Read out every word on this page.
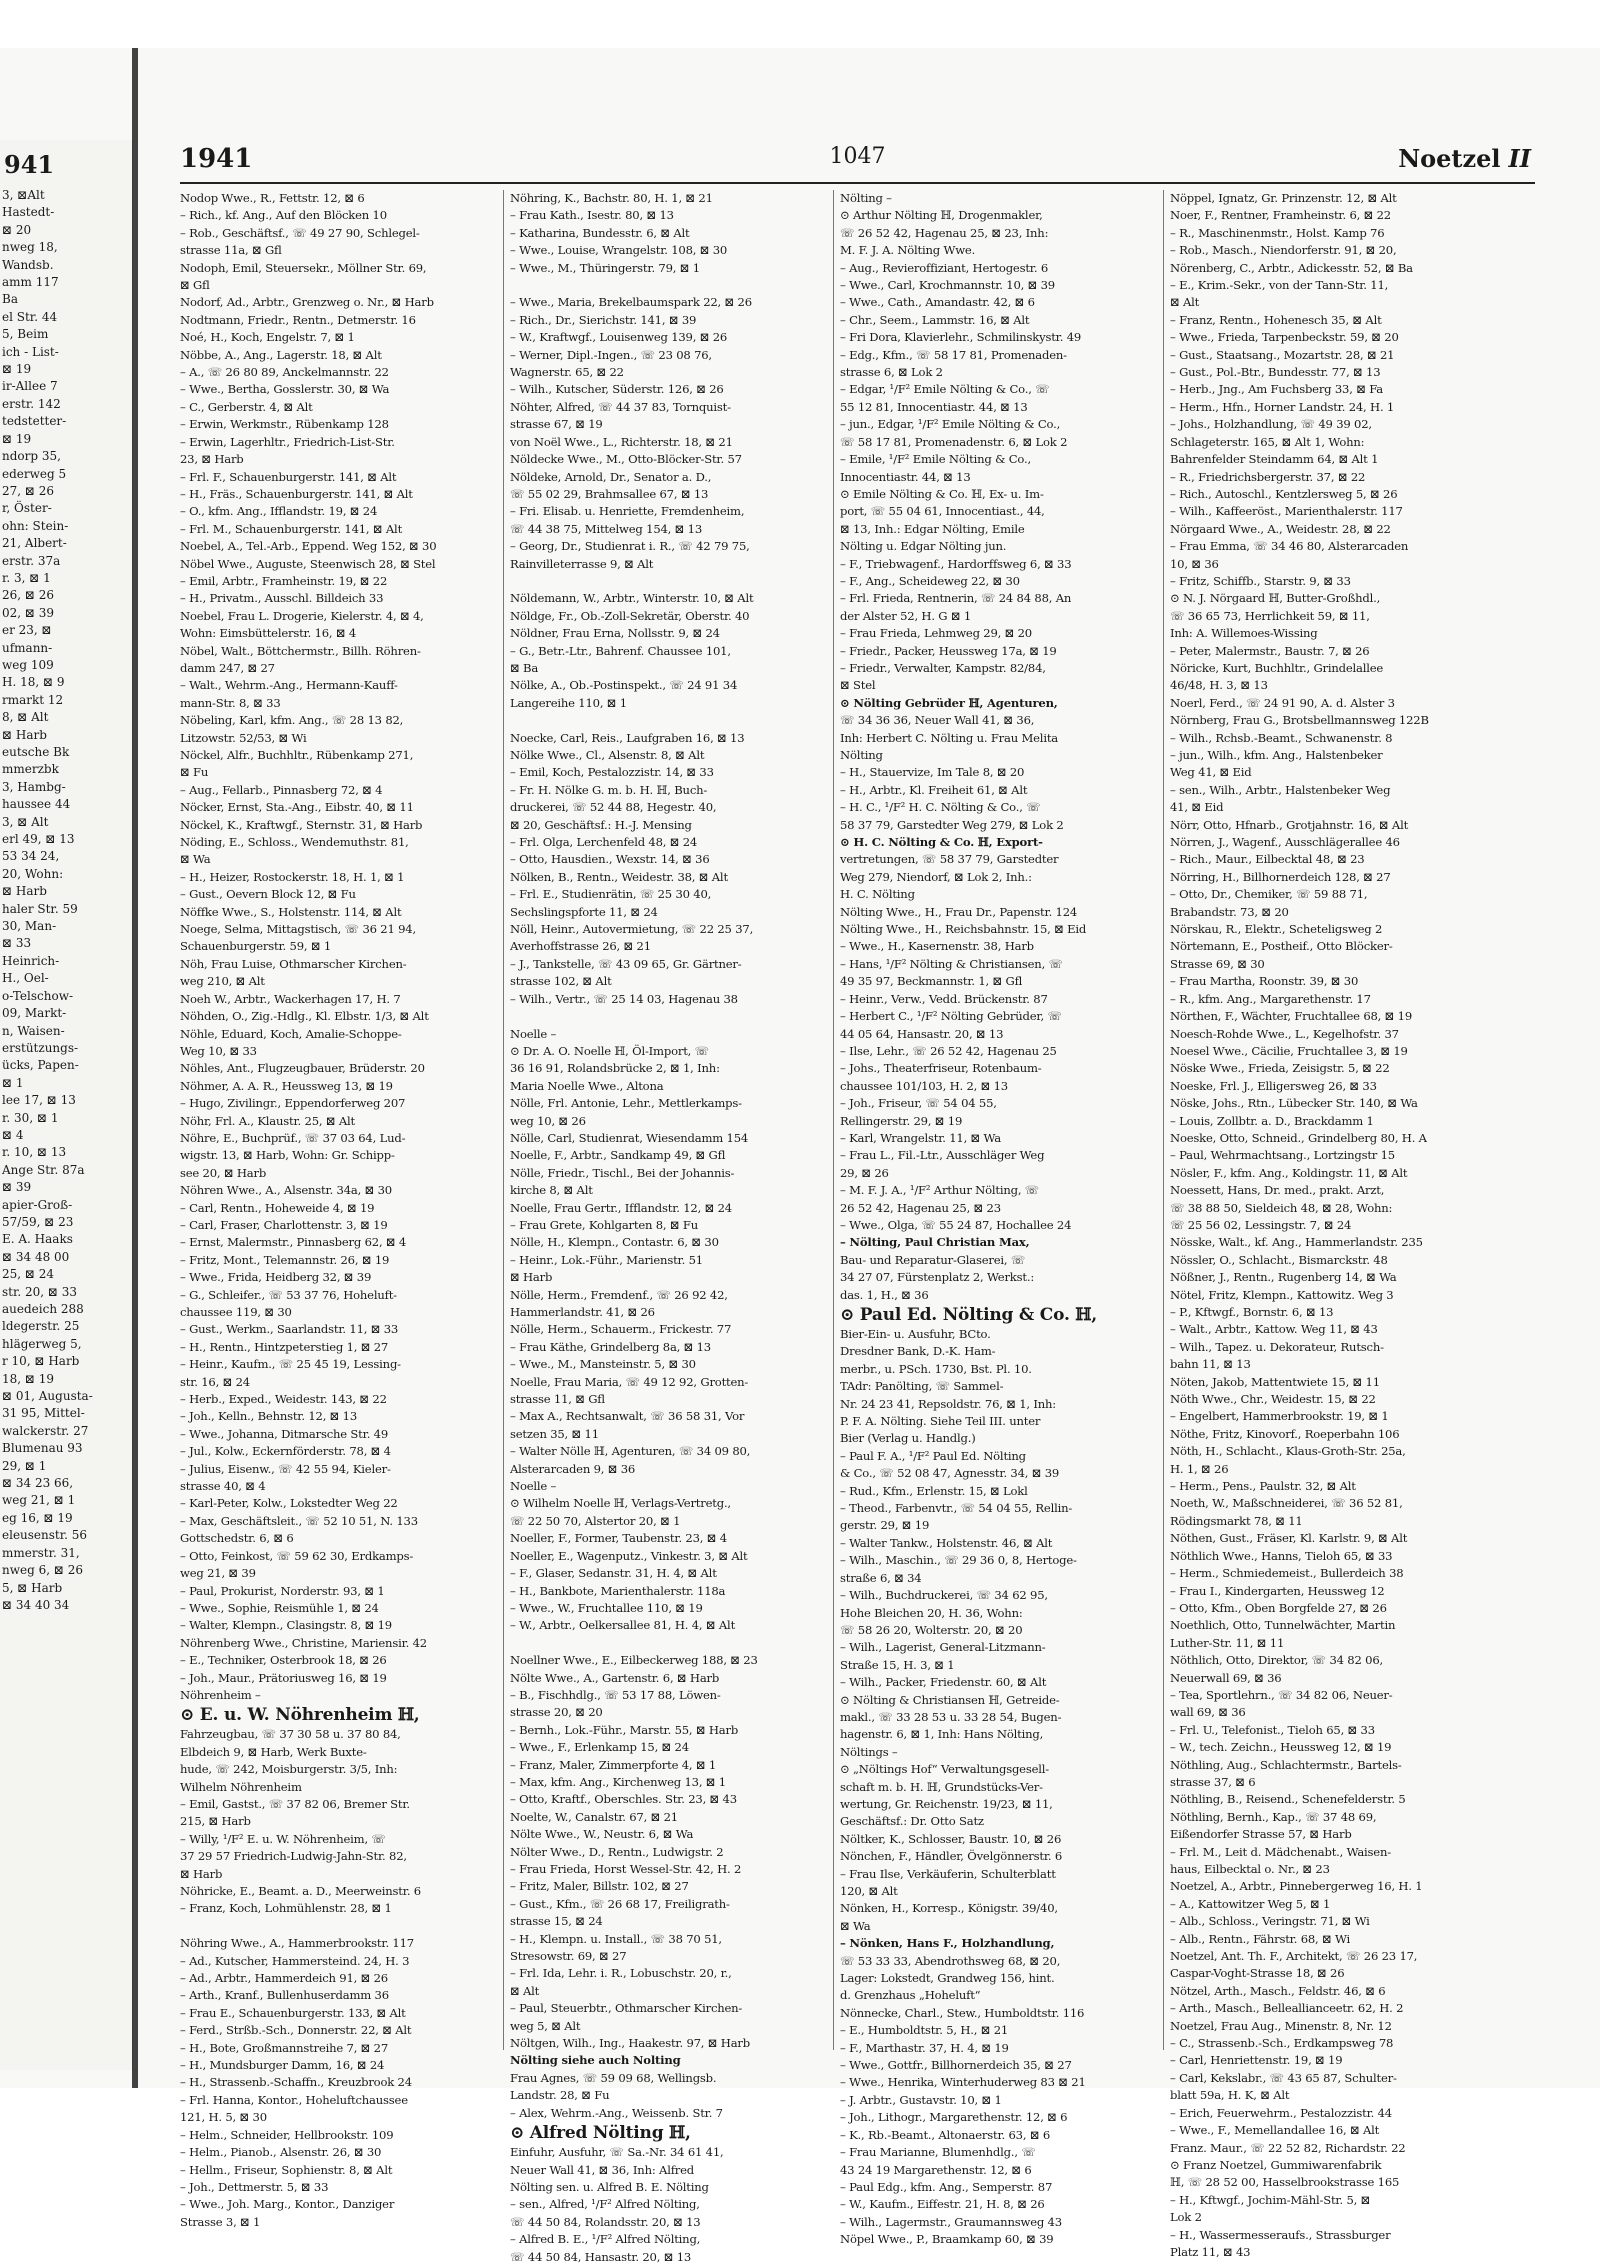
941
3, ⊠Alt
Hastedt-
⊠ 20
nweg 18,
Wandsb.
amm 117
Ba
el Str. 44
5, Beim
ich - List-
⊠ 19
ir-Allee 7
erstr. 142
tedstetter-
⊠ 19
ndorp 35,
ederweg 5
27, ⊠ 26
r, Öster-
ohn: Stein-
21, Albert-
erstr. 37a
r. 3, ⊠ 1
26, ⊠ 26
02, ⊠ 39
er 23, ⊠
ufmann-
weg 109
H. 18, ⊠ 9
rmarkt 12
8, ⊠ Alt
⊠ Harb
eutsche Bk
mmerzbk
3, Hambg-
haussee 44
3, ⊠ Alt
erl 49, ⊠ 13
53 34 24,
20, Wohn:
⊠ Harb
haler Str. 59
30, Man-
⊠ 33
Heinrich-
H., Oel-
o-Telschow-
09, Markt-
n, Waisen-
erstützungs-
ücks, Papen-
⊠ 1
lee 17, ⊠ 13
r. 30, ⊠ 1
⊠ 4
r. 10, ⊠ 13
Ange Str. 87a
⊠ 39
apier-Groß-
57/59, ⊠ 23
E. A. Haaks
⊠ 34 48 00
25, ⊠ 24
str. 20, ⊠ 33
auedeich 288
ldegerstr. 25
hlägerweg 5,
r 10, ⊠ Harb
18, ⊠ 19
⊠ 01, Augusta-
31 95, Mittel-
walckerstr. 27
Blumenau 93
29, ⊠ 1
⊠ 34 23 66,
weg 21, ⊠ 1
eg 16, ⊠ 19
eleusenstr. 56
mmerstr. 31,
nweg 6, ⊠ 26
5, ⊠ Harb
⊠ 34 40 34
1941	1047	Noetzel II
Nodop Wwe., R., Fettstr. 12, ⊠ 6
– Rich., kf. Ang., Auf den Blöcken 10
– Rob., Geschäftsf., ☏ 49 27 90, Schlegel-
strasse 11a, ⊠ Gfl
Nodoph, Emil, Steuersekr., Möllner Str. 69,
⊠ Gfl
Nodorf, Ad., Arbtr., Grenzweg o. Nr., ⊠ Harb
Nodtmann, Friedr., Rentn., Detmerstr. 16
Noé, H., Koch, Engelstr. 7, ⊠ 1
Nöbbe, A., Ang., Lagerstr. 18, ⊠ Alt
– A., ☏ 26 80 89, Anckelmannstr. 22
– Wwe., Bertha, Gosslerstr. 30, ⊠ Wa
– C., Gerberstr. 4, ⊠ Alt
– Erwin, Werkmstr., Rübenkamp 128
– Erwin, Lagerhltr., Friedrich-List-Str.
23, ⊠ Harb
– Frl. F., Schauenburgerstr. 141, ⊠ Alt
– H., Fräs., Schauenburgerstr. 141, ⊠ Alt
– O., kfm. Ang., Ifflandstr. 19, ⊠ 24
– Frl. M., Schauenburgerstr. 141, ⊠ Alt
Noebel, A., Tel.-Arb., Eppend. Weg 152, ⊠ 30
Nöbel Wwe., Auguste, Steenwisch 28, ⊠ Stel
– Emil, Arbtr., Framheinstr. 19, ⊠ 22
– H., Privatm., Ausschl. Billdeich 33
Noebel, Frau L. Drogerie, Kielerstr. 4, ⊠ 4,
Wohn: Eimsbüttelerstr. 16, ⊠ 4
Nöbel, Walt., Böttchermstr., Billh. Röhren-
damm 247, ⊠ 27
– Walt., Wehrm.-Ang., Hermann-Kauff-
mann-Str. 8, ⊠ 33
Nöbeling, Karl, kfm. Ang., ☏ 28 13 82,
Litzowstr. 52/53, ⊠ Wi
Nöckel, Alfr., Buchhltr., Rübenkamp 271,
⊠ Fu
– Aug., Fellarb., Pinnasberg 72, ⊠ 4
Nöcker, Ernst, Sta.-Ang., Eibstr. 40, ⊠ 11
Nöckel, K., Kraftwgf., Sternstr. 31, ⊠ Harb
Nöding, E., Schloss., Wendemuthstr. 81,
⊠ Wa
– H., Heizer, Rostockerstr. 18, H. 1, ⊠ 1
– Gust., Oevern Block 12, ⊠ Fu
Nöffke Wwe., S., Holstenstr. 114, ⊠ Alt
Noege, Selma, Mittagstisch, ☏ 36 21 94,
Schauenburgerstr. 59, ⊠ 1
Nöh, Frau Luise, Othmarscher Kirchen-
weg 210, ⊠ Alt
Noeh W., Arbtr., Wackerhagen 17, H. 7
Nöhden, O., Zig.-Hdlg., Kl. Elbstr. 1/3, ⊠ Alt
Nöhle, Eduard, Koch, Amalie-Schoppe-
Weg 10, ⊠ 33
Nöhles, Ant., Flugzeugbauer, Brüderstr. 20
Nöhmer, A. A. R., Heussweg 13, ⊠ 19
– Hugo, Zivilingr., Eppendorferweg 207
Nöhr, Frl. A., Klaustr. 25, ⊠ Alt
Nöhre, E., Buchprüf., ☏ 37 03 64, Lud-
wigstr. 13, ⊠ Harb, Wohn: Gr. Schipp-
see 20, ⊠ Harb
Nöhren Wwe., A., Alsenstr. 34a, ⊠ 30
– Carl, Rentn., Hoheweide 4, ⊠ 19
– Carl, Fraser, Charlottenstr. 3, ⊠ 19
– Ernst, Malermstr., Pinnasberg 62, ⊠ 4
– Fritz, Mont., Telemannstr. 26, ⊠ 19
– Wwe., Frida, Heidberg 32, ⊠ 39
– G., Schleifer., ☏ 53 37 76, Hoheluft-
chaussee 119, ⊠ 30
– Gust., Werkm., Saarlandstr. 11, ⊠ 33
– H., Rentn., Hintzpeterstieg 1, ⊠ 27
– Heinr., Kaufm., ☏ 25 45 19, Lessing-
str. 16, ⊠ 24
– Herb., Exped., Weidestr. 143, ⊠ 22
– Joh., Kelln., Behnstr. 12, ⊠ 13
– Wwe., Johanna, Ditmarsche Str. 49
– Jul., Kolw., Eckernförderstr. 78, ⊠ 4
– Julius, Eisenw., ☏ 42 55 94, Kieler-
strasse 40, ⊠ 4
– Karl-Peter, Kolw., Lokstedter Weg 22
– Max, Geschäftsleit., ☏ 52 10 51, N. 133
Gottschedstr. 6, ⊠ 6
– Otto, Feinkost, ☏ 59 62 30, Erdkamps-
weg 21, ⊠ 39
– Paul, Prokurist, Norderstr. 93, ⊠ 1
– Wwe., Sophie, Reismühle 1, ⊠ 24
– Walter, Klempn., Clasingstr. 8, ⊠ 19
Nöhrenberg Wwe., Christine, Mariensir. 42
– E., Techniker, Osterbrook 18, ⊠ 26
– Joh., Maur., Prätoriusweg 16, ⊠ 19
Nöhrenheim –
⊙ E. u. W. Nöhrenheim ℍ,
Fahrzeugbau, ☏ 37 30 58 u. 37 80 84,
Elbdeich 9, ⊠ Harb, Werk Buxte-
hude, ☏ 242, Moisburgerstr. 3/5, Inh:
Wilhelm Nöhrenheim
– Emil, Gastst., ☏ 37 82 06, Bremer Str.
215, ⊠ Harb
– Willy, ¹/F² E. u. W. Nöhrenheim, ☏
37 29 57 Friedrich-Ludwig-Jahn-Str. 82,
⊠ Harb
Nöhricke, E., Beamt. a. D., Meerweinstr. 6
– Franz, Koch, Lohmühlenstr. 28, ⊠ 1

Nöhring Wwe., A., Hammerbrookstr. 117
– Ad., Kutscher, Hammersteind. 24, H. 3
– Ad., Arbtr., Hammerdeich 91, ⊠ 26
– Arth., Kranf., Bullenhuserdamm 36
– Frau E., Schauenburgerstr. 133, ⊠ Alt
– Ferd., Strßb.-Sch., Donnerstr. 22, ⊠ Alt
– H., Bote, Großmannstreihe 7, ⊠ 27
– H., Mundsburger Damm, 16, ⊠ 24
– H., Strassenb.-Schaffn., Kreuzbrook 24
– Frl. Hanna, Kontor., Hoheluftchaussee
121, H. 5, ⊠ 30
– Helm., Schneider, Hellbrookstr. 109
– Helm., Pianob., Alsenstr. 26, ⊠ 30
– Hellm., Friseur, Sophienstr. 8, ⊠ Alt
– Joh., Dettmerstr. 5, ⊠ 33
– Wwe., Joh. Marg., Kontor., Danziger
Strasse 3, ⊠ 1
Nöhring, K., Bachstr. 80, H. 1, ⊠ 21
– Frau Kath., Isestr. 80, ⊠ 13
– Katharina, Bundesstr. 6, ⊠ Alt
– Wwe., Louise, Wrangelstr. 108, ⊠ 30
– Wwe., M., Thüringerstr. 79, ⊠ 1

– Wwe., Maria, Brekelbaumspark 22, ⊠ 26
– Rich., Dr., Sierichstr. 141, ⊠ 39
– W., Kraftwgf., Louisenweg 139, ⊠ 26
– Werner, Dipl.-Ingen., ☏ 23 08 76,
Wagnerstr. 65, ⊠ 22
– Wilh., Kutscher, Süderstr. 126, ⊠ 26
Nöhter, Alfred, ☏ 44 37 83, Tornquist-
strasse 67, ⊠ 19
von Noël Wwe., L., Richterstr. 18, ⊠ 21
Nöldecke Wwe., M., Otto-Blöcker-Str. 57
Nöldeke, Arnold, Dr., Senator a. D.,
☏ 55 02 29, Brahmsallee 67, ⊠ 13
– Fri. Elisab. u. Henriette, Fremdenheim,
☏ 44 38 75, Mittelweg 154, ⊠ 13
– Georg, Dr., Studienrat i. R., ☏ 42 79 75,
Rainvilleterrasse 9, ⊠ Alt

Nöldemann, W., Arbtr., Winterstr. 10, ⊠ Alt
Nöldge, Fr., Ob.-Zoll-Sekretär, Oberstr. 40
Nöldner, Frau Erna, Nollsstr. 9, ⊠ 24
– G., Betr.-Ltr., Bahrenf. Chaussee 101,
⊠ Ba
Nölke, A., Ob.-Postinspekt., ☏ 24 91 34
Langereihe 110, ⊠ 1

Noecke, Carl, Reis., Laufgraben 16, ⊠ 13
Nölke Wwe., Cl., Alsenstr. 8, ⊠ Alt
– Emil, Koch, Pestalozzistr. 14, ⊠ 33
– Fr. H. Nölke G. m. b. H. ℍ, Buch-
druckerei, ☏ 52 44 88, Hegestr. 40,
⊠ 20, Geschäftsf.: H.-J. Mensing
– Frl. Olga, Lerchenfeld 48, ⊠ 24
– Otto, Hausdien., Wexstr. 14, ⊠ 36
Nölken, B., Rentn., Weidestr. 38, ⊠ Alt
– Frl. E., Studienrätin, ☏ 25 30 40,
Sechslingspforte 11, ⊠ 24
Nöll, Heinr., Autovermietung, ☏ 22 25 37,
Averhoffstrasse 26, ⊠ 21
– J., Tankstelle, ☏ 43 09 65, Gr. Gärtner-
strasse 102, ⊠ Alt
– Wilh., Vertr., ☏ 25 14 03, Hagenau 38

Noelle –
⊙ Dr. A. O. Noelle ℍ, Öl-Import, ☏
36 16 91, Rolandsbrücke 2, ⊠ 1, Inh:
Maria Noelle Wwe., Altona
Nölle, Frl. Antonie, Lehr., Mettlerkamps-
weg 10, ⊠ 26
Nölle, Carl, Studienrat, Wiesendamm 154
Noelle, F., Arbtr., Sandkamp 49, ⊠ Gfl
Nölle, Friedr., Tischl., Bei der Johannis-
kirche 8, ⊠ Alt
Noelle, Frau Gertr., Ifflandstr. 12, ⊠ 24
– Frau Grete, Kohlgarten 8, ⊠ Fu
Nölle, H., Klempn., Contastr. 6, ⊠ 30
– Heinr., Lok.-Führ., Marienstr. 51
⊠ Harb
Nölle, Herm., Fremdenf., ☏ 26 92 42,
Hammerlandstr. 41, ⊠ 26
Nölle, Herm., Schauerm., Frickestr. 77
– Frau Käthe, Grindelberg 8a, ⊠ 13
– Wwe., M., Mansteinstr. 5, ⊠ 30
Noelle, Frau Maria, ☏ 49 12 92, Grotten-
strasse 11, ⊠ Gfl
– Max A., Rechtsanwalt, ☏ 36 58 31, Vor
setzen 35, ⊠ 11
– Walter Nölle ℍ, Agenturen, ☏ 34 09 80,
Alsterarcaden 9, ⊠ 36
Noelle –
⊙ Wilhelm Noelle ℍ, Verlags-Vertretg.,
☏ 22 50 70, Alstertor 20, ⊠ 1
Noeller, F., Former, Taubenstr. 23, ⊠ 4
Noeller, E., Wagenputz., Vinkestr. 3, ⊠ Alt
– F., Glaser, Sedanstr. 31, H. 4, ⊠ Alt
– H., Bankbote, Marienthalerstr. 118a
– Wwe., W., Fruchtallee 110, ⊠ 19
– W., Arbtr., Oelkersallee 81, H. 4, ⊠ Alt

Noellner Wwe., E., Eilbeckerweg 188, ⊠ 23
Nölte Wwe., A., Gartenstr. 6, ⊠ Harb
– B., Fischhdlg., ☏ 53 17 88, Löwen-
strasse 20, ⊠ 20
– Bernh., Lok.-Führ., Marstr. 55, ⊠ Harb
– Wwe., F., Erlenkamp 15, ⊠ 24
– Franz, Maler, Zimmerpforte 4, ⊠ 1
– Max, kfm. Ang., Kirchenweg 13, ⊠ 1
– Otto, Kraftf., Oberschles. Str. 23, ⊠ 43
Noelte, W., Canalstr. 67, ⊠ 21
Nölte Wwe., W., Neustr. 6, ⊠ Wa
Nölter Wwe., D., Rentn., Ludwigstr. 2
– Frau Frieda, Horst Wessel-Str. 42, H. 2
– Fritz, Maler, Billstr. 102, ⊠ 27
– Gust., Kfm., ☏ 26 68 17, Freiligrath-
strasse 15, ⊠ 24
– H., Klempn. u. Install., ☏ 38 70 51,
Stresowstr. 69, ⊠ 27
– Frl. Ida, Lehr. i. R., Lobuschstr. 20, r.,
⊠ Alt
– Paul, Steuerbtr., Othmarscher Kirchen-
weg 5, ⊠ Alt
Nöltgen, Wilh., Ing., Haakestr. 97, ⊠ Harb
Nölting siehe auch Nolting
Frau Agnes, ☏ 59 09 68, Wellingsb.
Landstr. 28, ⊠ Fu
– Alex, Wehrm.-Ang., Weissenb. Str. 7
⊙ Alfred Nölting ℍ,
Einfuhr, Ausfuhr, ☏ Sa.-Nr. 34 61 41,
Neuer Wall 41, ⊠ 36, Inh: Alfred
Nölting sen. u. Alfred B. E. Nölting
– sen., Alfred, ¹/F² Alfred Nölting,
☏ 44 50 84, Rolandsstr. 20, ⊠ 13
– Alfred B. E., ¹/F² Alfred Nölting,
☏ 44 50 84, Hansastr. 20, ⊠ 13
Nölting –
⊙ Arthur Nölting ℍ, Drogenmakler,
☏ 26 52 42, Hagenau 25, ⊠ 23, Inh:
M. F. J. A. Nölting Wwe.
– Aug., Revieroffiziant, Hertogestr. 6
– Wwe., Carl, Krochmannstr. 10, ⊠ 39
– Wwe., Cath., Amandastr. 42, ⊠ 6
– Chr., Seem., Lammstr. 16, ⊠ Alt
– Fri Dora, Klavierlehr., Schmilinskystr. 49
– Edg., Kfm., ☏ 58 17 81, Promenaden-
strasse 6, ⊠ Lok 2
– Edgar, ¹/F² Emile Nölting & Co., ☏
55 12 81, Innocentiastr. 44, ⊠ 13
– jun., Edgar, ¹/F² Emile Nölting & Co.,
☏ 58 17 81, Promenadenstr. 6, ⊠ Lok 2
– Emile, ¹/F² Emile Nölting & Co.,
Innocentiastr. 44, ⊠ 13
⊙ Emile Nölting & Co. ℍ, Ex- u. Im-
port, ☏ 55 04 61, Innocentiast., 44,
⊠ 13, Inh.: Edgar Nölting, Emile
Nölting u. Edgar Nölting jun.
– F., Triebwagenf., Hardorffsweg 6, ⊠ 33
– F., Ang., Scheideweg 22, ⊠ 30
– Frl. Frieda, Rentnerin, ☏ 24 84 88, An
der Alster 52, H. G ⊠ 1
– Frau Frieda, Lehmweg 29, ⊠ 20
– Friedr., Packer, Heussweg 17a, ⊠ 19
– Friedr., Verwalter, Kampstr. 82/84,
⊠ Stel
⊙ Nölting Gebrüder ℍ, Agenturen,
☏ 34 36 36, Neuer Wall 41, ⊠ 36,
Inh: Herbert C. Nölting u. Frau Melita
Nölting
– H., Stauervize, Im Tale 8, ⊠ 20
– H., Arbtr., Kl. Freiheit 61, ⊠ Alt
– H. C., ¹/F² H. C. Nölting & Co., ☏
58 37 79, Garstedter Weg 279, ⊠ Lok 2
⊙ H. C. Nölting & Co. ℍ, Export-
vertretungen, ☏ 58 37 79, Garstedter
Weg 279, Niendorf, ⊠ Lok 2, Inh.:
H. C. Nölting
Nölting Wwe., H., Frau Dr., Papenstr. 124
Nölting Wwe., H., Reichsbahnstr. 15, ⊠ Eid
– Wwe., H., Kasernenstr. 38, Harb
– Hans, ¹/F² Nölting & Christiansen, ☏
49 35 97, Beckmannstr. 1, ⊠ Gfl
– Heinr., Verw., Vedd. Brückenstr. 87
– Herbert C., ¹/F² Nölting Gebrüder, ☏
44 05 64, Hansastr. 20, ⊠ 13
– Ilse, Lehr., ☏ 26 52 42, Hagenau 25
– Johs., Theaterfriseur, Rotenbaum-
chaussee 101/103, H. 2, ⊠ 13
– Joh., Friseur, ☏ 54 04 55,
Rellingerstr. 29, ⊠ 19
– Karl, Wrangelstr. 11, ⊠ Wa
– Frau L., Fil.-Ltr., Ausschläger Weg
29, ⊠ 26
– M. F. J. A., ¹/F² Arthur Nölting, ☏
26 52 42, Hagenau 25, ⊠ 23
– Wwe., Olga, ☏ 55 24 87, Hochallee 24
– Nölting, Paul Christian Max,
Bau- und Reparatur-Glaserei, ☏
34 27 07, Fürstenplatz 2, Werkst.:
das. 1, H., ⊠ 36
⊙ Paul Ed. Nölting & Co. ℍ,
Bier-Ein- u. Ausfuhr, BCto.
Dresdner Bank, D.-K. Ham-
merbr., u. PSch. 1730, Bst. Pl. 10.
TAdr: Panölting, ☏ Sammel-
Nr. 24 23 41, Repsoldstr. 76, ⊠ 1, Inh:
P. F. A. Nölting. Siehe Teil III. unter
Bier (Verlag u. Handlg.)
– Paul F. A., ¹/F² Paul Ed. Nölting
& Co., ☏ 52 08 47, Agnesstr. 34, ⊠ 39
– Rud., Kfm., Erlenstr. 15, ⊠ Lokl
– Theod., Farbenvtr., ☏ 54 04 55, Rellin-
gerstr. 29, ⊠ 19
– Walter Tankw., Holstenstr. 46, ⊠ Alt
– Wilh., Maschin., ☏ 29 36 0, 8, Hertoge-
straße 6, ⊠ 34
– Wilh., Buchdruckerei, ☏ 34 62 95,
Hohe Bleichen 20, H. 36, Wohn:
☏ 58 26 20, Wolterstr. 20, ⊠ 20
– Wilh., Lagerist, General-Litzmann-
Straße 15, H. 3, ⊠ 1
– Wilh., Packer, Friedenstr. 60, ⊠ Alt
⊙ Nölting & Christiansen ℍ, Getreide-
makl., ☏ 33 28 53 u. 33 28 54, Bugen-
hagenstr. 6, ⊠ 1, Inh: Hans Nölting,
Nöltings –
⊙ „Nöltings Hof“ Verwaltungsgesell-
schaft m. b. H. ℍ, Grundstücks-Ver-
wertung, Gr. Reichenstr. 19/23, ⊠ 11,
Geschäftsf.: Dr. Otto Satz
Nöltker, K., Schlosser, Baustr. 10, ⊠ 26
Nönchen, F., Händler, Övelgönnerstr. 6
– Frau Ilse, Verkäuferin, Schulterblatt
120, ⊠ Alt
Nönken, H., Korresp., Königstr. 39/40,
⊠ Wa
– Nönken, Hans F., Holzhandlung,
☏ 53 33 33, Abendrothsweg 68, ⊠ 20,
Lager: Lokstedt, Grandweg 156, hint.
d. Grenzhaus „Hoheluft“
Nönnecke, Charl., Stew., Humboldtstr. 116
– E., Humboldtstr. 5, H., ⊠ 21
– F., Marthastr. 37, H. 4, ⊠ 19
– Wwe., Gottfr., Billhornerdeich 35, ⊠ 27
– Wwe., Henrika, Winterhuderweg 83 ⊠ 21
– J. Arbtr., Gustavstr. 10, ⊠ 1
– Joh., Lithogr., Margarethenstr. 12, ⊠ 6
– K., Rb.-Beamt., Altonaerstr. 63, ⊠ 6
– Frau Marianne, Blumenhdlg., ☏
43 24 19 Margarethenstr. 12, ⊠ 6
– Paul Edg., kfm. Ang., Semperstr. 87
– W., Kaufm., Eiffestr. 21, H. 8, ⊠ 26
– Wilh., Lagermstr., Graumannsweg 43
Nöpel Wwe., P., Braamkamp 60, ⊠ 39
Nöppel, Ignatz, Gr. Prinzenstr. 12, ⊠ Alt
Noer, F., Rentner, Framheinstr. 6, ⊠ 22
– R., Maschinenmstr., Holst. Kamp 76
– Rob., Masch., Niendorferstr. 91, ⊠ 20,
Nörenberg, C., Arbtr., Adickesstr. 52, ⊠ Ba
– E., Krim.-Sekr., von der Tann-Str. 11,
⊠ Alt
– Franz, Rentn., Hohenesch 35, ⊠ Alt
– Wwe., Frieda, Tarpenbeckstr. 59, ⊠ 20
– Gust., Staatsang., Mozartstr. 28, ⊠ 21
– Gust., Pol.-Btr., Bundesstr. 77, ⊠ 13
– Herb., Jng., Am Fuchsberg 33, ⊠ Fa
– Herm., Hfn., Horner Landstr. 24, H. 1
– Johs., Holzhandlung, ☏ 49 39 02,
Schlageterstr. 165, ⊠ Alt 1, Wohn:
Bahrenfelder Steindamm 64, ⊠ Alt 1
– R., Friedrichsbergerstr. 37, ⊠ 22
– Rich., Autoschl., Kentzlersweg 5, ⊠ 26
– Wilh., Kaffeeröst., Marienthalerstr. 117
Nörgaard Wwe., A., Weidestr. 28, ⊠ 22
– Frau Emma, ☏ 34 46 80, Alsterarcaden
10, ⊠ 36
– Fritz, Schiffb., Starstr. 9, ⊠ 33
⊙ N. J. Nörgaard ℍ, Butter-Großhdl.,
☏ 36 65 73, Herrlichkeit 59, ⊠ 11,
Inh: A. Willemoes-Wissing
– Peter, Malermstr., Baustr. 7, ⊠ 26
Nöricke, Kurt, Buchhltr., Grindelallee
46/48, H. 3, ⊠ 13
Noerl, Ferd., ☏ 24 91 90, A. d. Alster 3
Nörnberg, Frau G., Brotsbellmannsweg 122B
– Wilh., Rchsb.-Beamt., Schwanenstr. 8
– jun., Wilh., kfm. Ang., Halstenbeker
Weg 41, ⊠ Eid
– sen., Wilh., Arbtr., Halstenbeker Weg
41, ⊠ Eid
Nörr, Otto, Hfnarb., Grotjahnstr. 16, ⊠ Alt
Nörren, J., Wagenf., Ausschlägerallee 46
– Rich., Maur., Eilbecktal 48, ⊠ 23
Nörring, H., Billhornerdeich 128, ⊠ 27
– Otto, Dr., Chemiker, ☏ 59 88 71,
Brabandstr. 73, ⊠ 20
Nörskau, R., Elektr., Scheteligsweg 2
Nörtemann, E., Postheif., Otto Blöcker-
Strasse 69, ⊠ 30
– Frau Martha, Roonstr. 39, ⊠ 30
– R., kfm. Ang., Margarethenstr. 17
Nörthen, F., Wächter, Fruchtallee 68, ⊠ 19
Noesch-Rohde Wwe., L., Kegelhofstr. 37
Noesel Wwe., Cäcilie, Fruchtallee 3, ⊠ 19
Nöske Wwe., Frieda, Zeisigstr. 5, ⊠ 22
Noeske, Frl. J., Elligersweg 26, ⊠ 33
Nöske, Johs., Rtn., Lübecker Str. 140, ⊠ Wa
– Louis, Zollbtr. a. D., Brackdamm 1
Noeske, Otto, Schneid., Grindelberg 80, H. A
– Paul, Wehrmachtsang., Lortzingstr 15
Nösler, F., kfm. Ang., Koldingstr. 11, ⊠ Alt
Noessett, Hans, Dr. med., prakt. Arzt,
☏ 38 88 50, Sieldeich 48, ⊠ 28, Wohn:
☏ 25 56 02, Lessingstr. 7, ⊠ 24
Nösske, Walt., kf. Ang., Hammerlandstr. 235
Nössler, O., Schlacht., Bismarckstr. 48
Nößner, J., Rentn., Rugenberg 14, ⊠ Wa
Nötel, Fritz, Klempn., Kattowitz. Weg 3
– P., Kftwgf., Bornstr. 6, ⊠ 13
– Walt., Arbtr., Kattow. Weg 11, ⊠ 43
– Wilh., Tapez. u. Dekorateur, Rutsch-
bahn 11, ⊠ 13
Nöten, Jakob, Mattentwiete 15, ⊠ 11
Nöth Wwe., Chr., Weidestr. 15, ⊠ 22
– Engelbert, Hammerbrookstr. 19, ⊠ 1
Nöthe, Fritz, Kinovorf., Roeperbahn 106
Nöth, H., Schlacht., Klaus-Groth-Str. 25a,
H. 1, ⊠ 26
– Herm., Pens., Paulstr. 32, ⊠ Alt
Noeth, W., Maßschneiderei, ☏ 36 52 81,
Rödingsmarkt 78, ⊠ 11
Nöthen, Gust., Fräser, Kl. Karlstr. 9, ⊠ Alt
Nöthlich Wwe., Hanns, Tieloh 65, ⊠ 33
– Herm., Schmiedemeist., Bullerdeich 38
– Frau I., Kindergarten, Heussweg 12
– Otto, Kfm., Oben Borgfelde 27, ⊠ 26
Noethlich, Otto, Tunnelwächter, Martin
Luther-Str. 11, ⊠ 11
Nöthlich, Otto, Direktor, ☏ 34 82 06,
Neuerwall 69, ⊠ 36
– Tea, Sportlehrn., ☏ 34 82 06, Neuer-
wall 69, ⊠ 36
– Frl. U., Telefonist., Tieloh 65, ⊠ 33
– W., tech. Zeichn., Heussweg 12, ⊠ 19
Nöthling, Aug., Schlachtermstr., Bartels-
strasse 37, ⊠ 6
Nöthling, B., Reisend., Schenefelderstr. 5
Nöthling, Bernh., Kap., ☏ 37 48 69,
Eißendorfer Strasse 57, ⊠ Harb
– Frl. M., Leit d. Mädchenabt., Waisen-
haus, Eilbecktal o. Nr., ⊠ 23
Noetzel, A., Arbtr., Pinnebergerweg 16, H. 1
– A., Kattowitzer Weg 5, ⊠ 1
– Alb., Schloss., Veringstr. 71, ⊠ Wi
– Alb., Rentn., Fährstr. 68, ⊠ Wi
Noetzel, Ant. Th. F., Architekt, ☏ 26 23 17,
Caspar-Voght-Strasse 18, ⊠ 26
Nötzel, Arth., Masch., Feldstr. 46, ⊠ 6
– Arth., Masch., Belleallianceetr. 62, H. 2
Noetzel, Frau Aug., Minenstr. 8, Nr. 12
– C., Strassenb.-Sch., Erdkampsweg 78
– Carl, Henriettenstr. 19, ⊠ 19
– Carl, Kekslabr., ☏ 43 65 87, Schulter-
blatt 59a, H. K, ⊠ Alt
– Erich, Feuerwehrm., Pestalozzistr. 44
– Wwe., F., Memellandallee 16, ⊠ Alt
Franz. Maur., ☏ 22 52 82, Richardstr. 22
⊙ Franz Noetzel, Gummiwarenfabrik
ℍ, ☏ 28 52 00, Hasselbrookstrasse 165
– H., Kftwgf., Jochim-Mähl-Str. 5, ⊠
Lok 2
– H., Wassermesseraufs., Strassburger
Platz 11, ⊠ 43
